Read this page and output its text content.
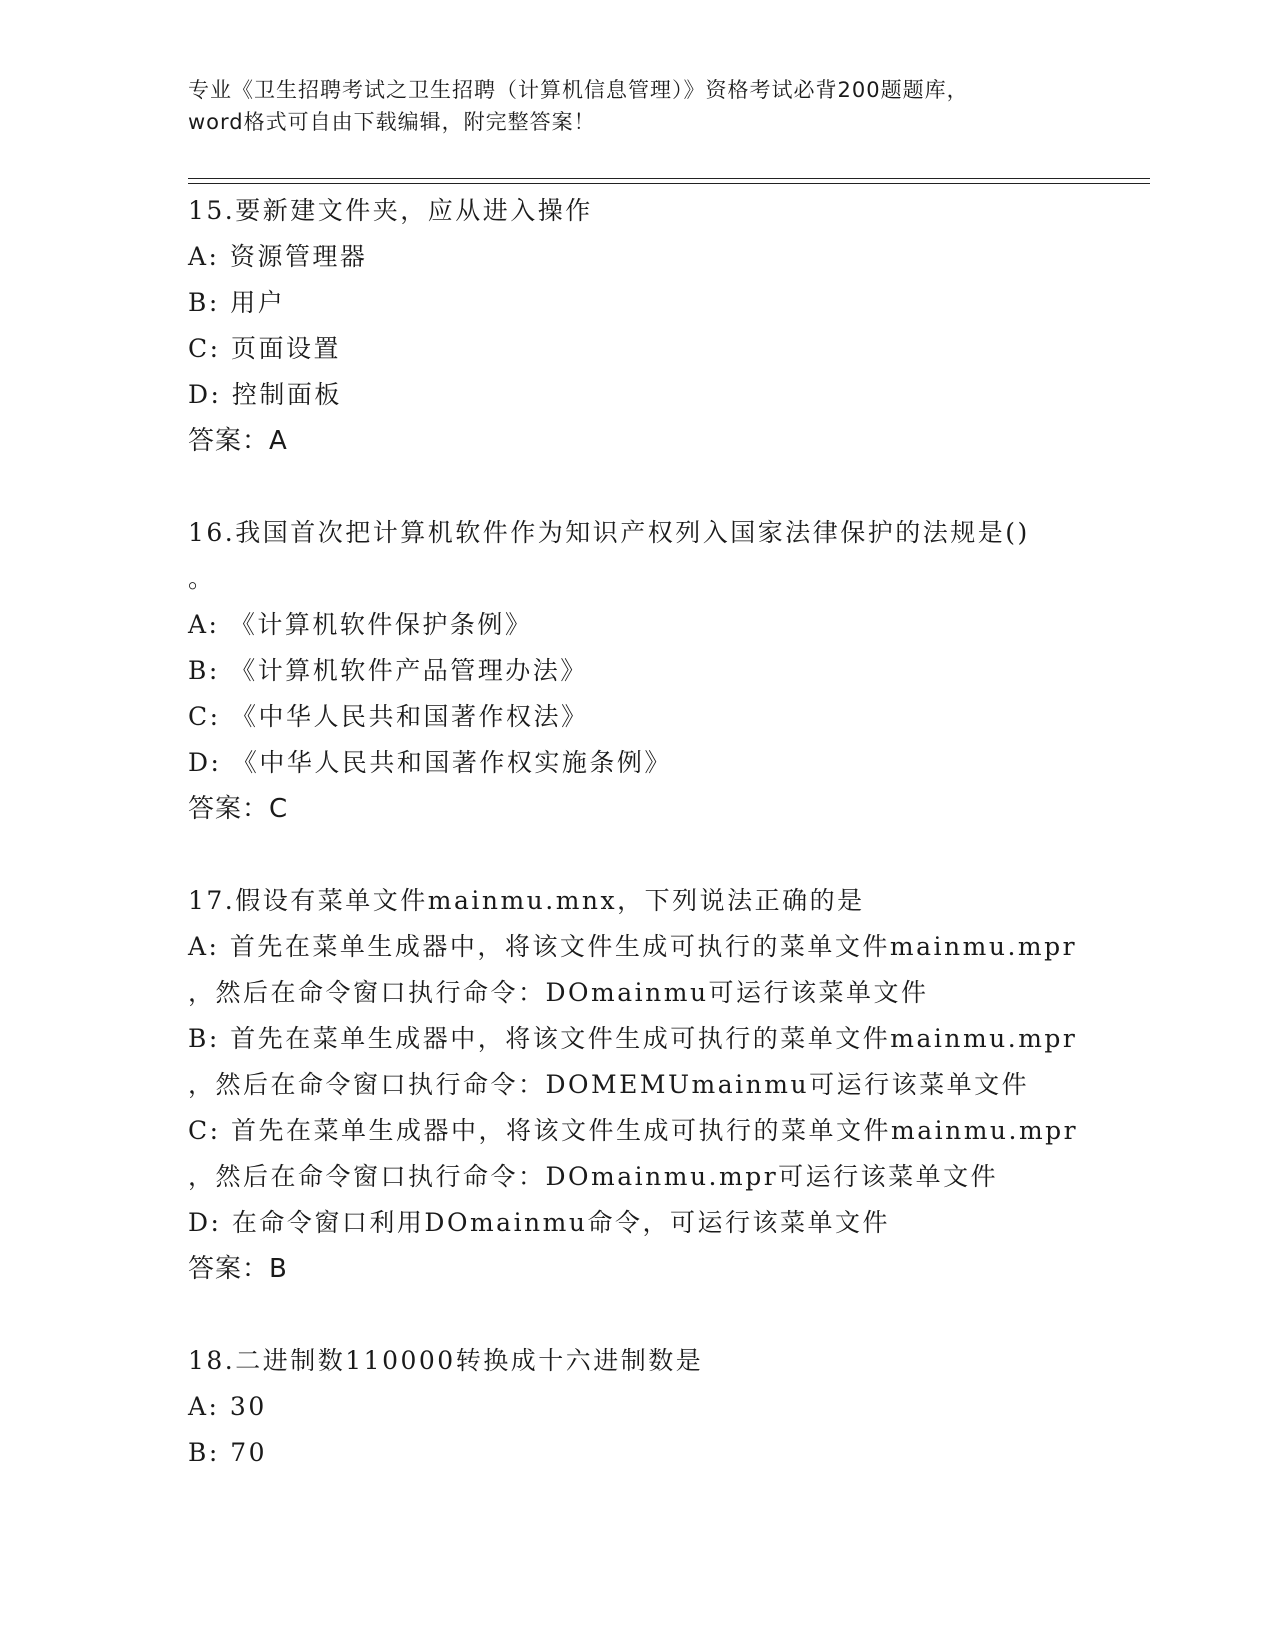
专业《卫生招聘考试之卫生招聘（计算机信息管理）》资格考试必背200题题库，
word格式可自由下载编辑，附完整答案！
15.要新建文件夹，应从进入操作
A: 资源管理器
B: 用户
C: 页面设置
D: 控制面板
答案：A
16.我国首次把计算机软件作为知识产权列入国家法律保护的法规是()
。
A: 《计算机软件保护条例》
B: 《计算机软件产品管理办法》
C: 《中华人民共和国著作权法》
D: 《中华人民共和国著作权实施条例》
答案：C
17.假设有菜单文件mainmu.mnx，下列说法正确的是
A: 首先在菜单生成器中，将该文件生成可执行的菜单文件mainmu.mpr
，然后在命令窗口执行命令：DOmainmu可运行该菜单文件
B: 首先在菜单生成器中，将该文件生成可执行的菜单文件mainmu.mpr
，然后在命令窗口执行命令：DOMEMUmainmu可运行该菜单文件
C: 首先在菜单生成器中，将该文件生成可执行的菜单文件mainmu.mpr
，然后在命令窗口执行命令：DOmainmu.mpr可运行该菜单文件
D: 在命令窗口利用DOmainmu命令，可运行该菜单文件
答案：B
18.二进制数110000转换成十六进制数是
A: 30
B: 70
